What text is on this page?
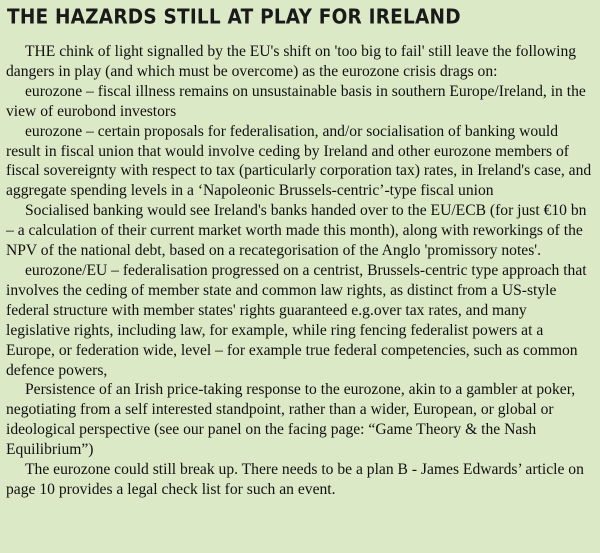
THE HAZARDS STILL AT PLAY FOR IRELAND

THE chink of light signalled by the EU's shift on 'too big to fail' still leave the following dangers in play (and which must be overcome) as the eurozone crisis drags on:

eurozone – fiscal illness remains on unsustainable basis in southern Europe/Ireland, in the view of eurobond investors

eurozone – certain proposals for federalisation, and/or socialisation of banking would result in fiscal union that would involve ceding by Ireland and other eurozone members of fiscal sovereignty with respect to tax (particularly corporation tax) rates, in Ireland's case, and aggregate spending levels in a ‘Napoleonic Brussels-centric’-type fiscal union

Socialised banking would see Ireland's banks handed over to the EU/ECB (for just €10 bn – a calculation of their current market worth made this month), along with reworkings of the NPV of the national debt, based on a recategorisation of the Anglo 'promissory notes'.

eurozone/EU – federalisation progressed on a centrist, Brussels-centric type approach that involves the ceding of member state and common law rights, as distinct from a US-style federal structure with member states' rights guaranteed e.g.over tax rates, and many legislative rights, including law, for example, while ring fencing federalist powers at a Europe, or federation wide, level – for example true federal competencies, such as common defence powers,

Persistence of an Irish price-taking response to the eurozone, akin to a gambler at poker, negotiating from a self interested standpoint, rather than a wider, European, or global or ideological perspective (see our panel on the facing page: “Game Theory & the Nash Equilibrium”)

The eurozone could still break up. There needs to be a plan B - James Edwards’ article on page 10 provides a legal check list for such an event.
